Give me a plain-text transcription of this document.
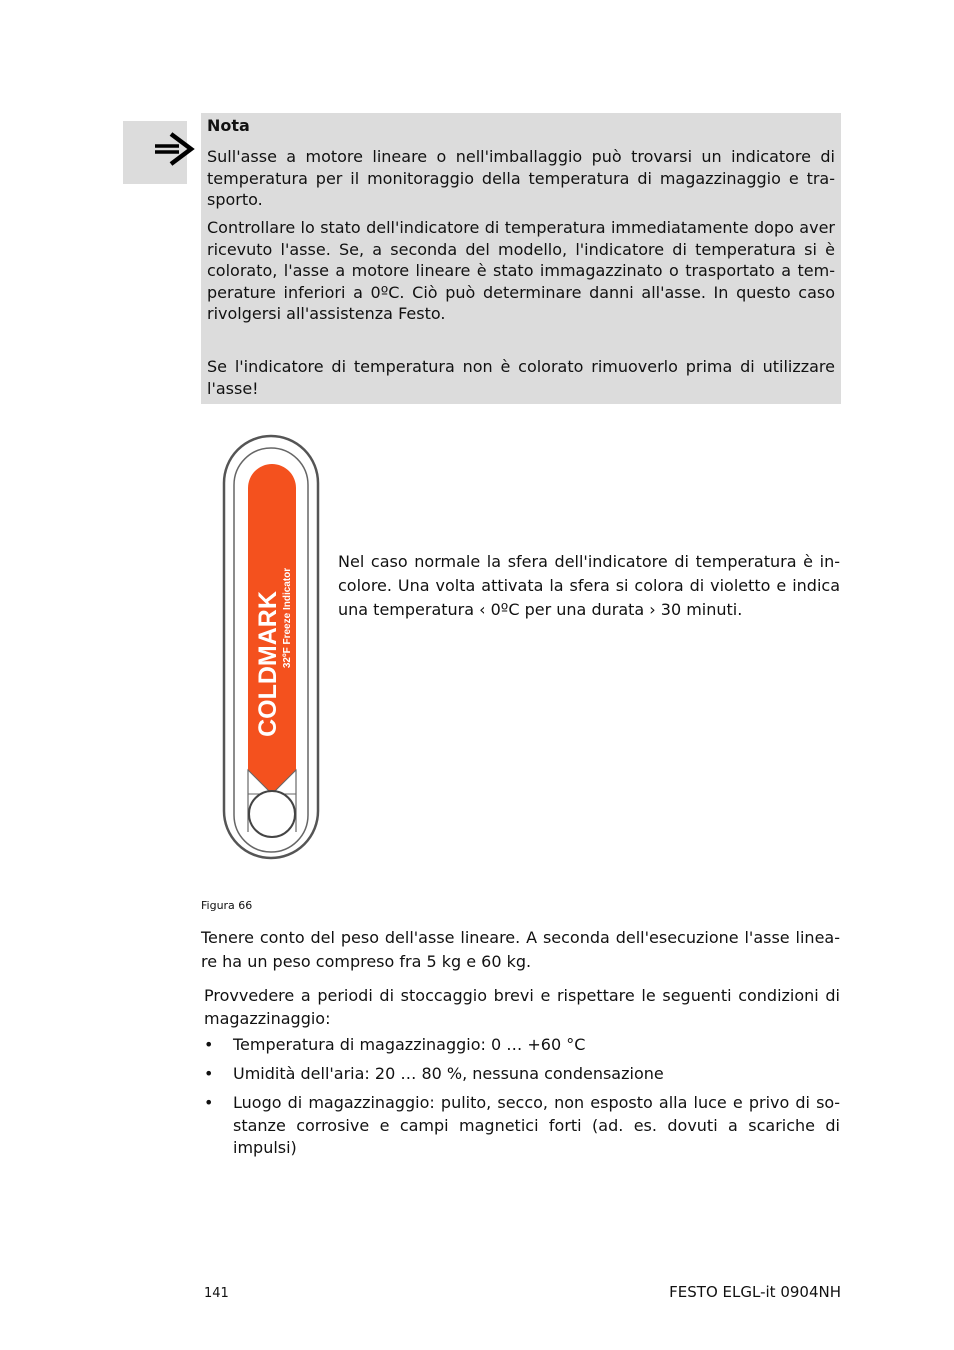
Nota

Sull'asse a motore lineare o nell'imballaggio può trovarsi un indicatore di temperatura per il monitoraggio della temperatura di magazzinaggio e trasporto.

Controllare lo stato dell'indicatore di temperatura immediatamente dopo aver ricevuto l'asse. Se, a seconda del modello, l'indicatore di temperatura si è colorato, l'asse a motore lineare è stato immagazzinato o trasportato a temperature inferiori a 0ºC. Ciò può determinare danni all'asse. In questo caso rivolgersi all'assistenza Festo.

Se l'indicatore di temperatura non è colorato rimuoverlo prima di utilizzare l'asse!

COLDMARK 32ºF Freeze Indicator

Nel caso normale la sfera dell'indicatore di temperatura è incolore. Una volta attivata la sfera si colora di violetto e indica una temperatura ‹ 0ºC per una durata › 30 minuti.

Figura 66

Tenere conto del peso dell'asse lineare. A seconda dell'esecuzione l'asse lineare ha un peso compreso fra 5 kg e 60 kg.

Provvedere a periodi di stoccaggio brevi e rispettare le seguenti condizioni di magazzinaggio:

• Temperatura di magazzinaggio: 0 … +60 °C
• Umidità dell'aria: 20 … 80 %, nessuna condensazione
• Luogo di magazzinaggio: pulito, secco, non esposto alla luce e privo di sostanze corrosive e campi magnetici forti (ad. es. dovuti a scariche di impulsi)
141	FESTO ELGL-it 0904NH
